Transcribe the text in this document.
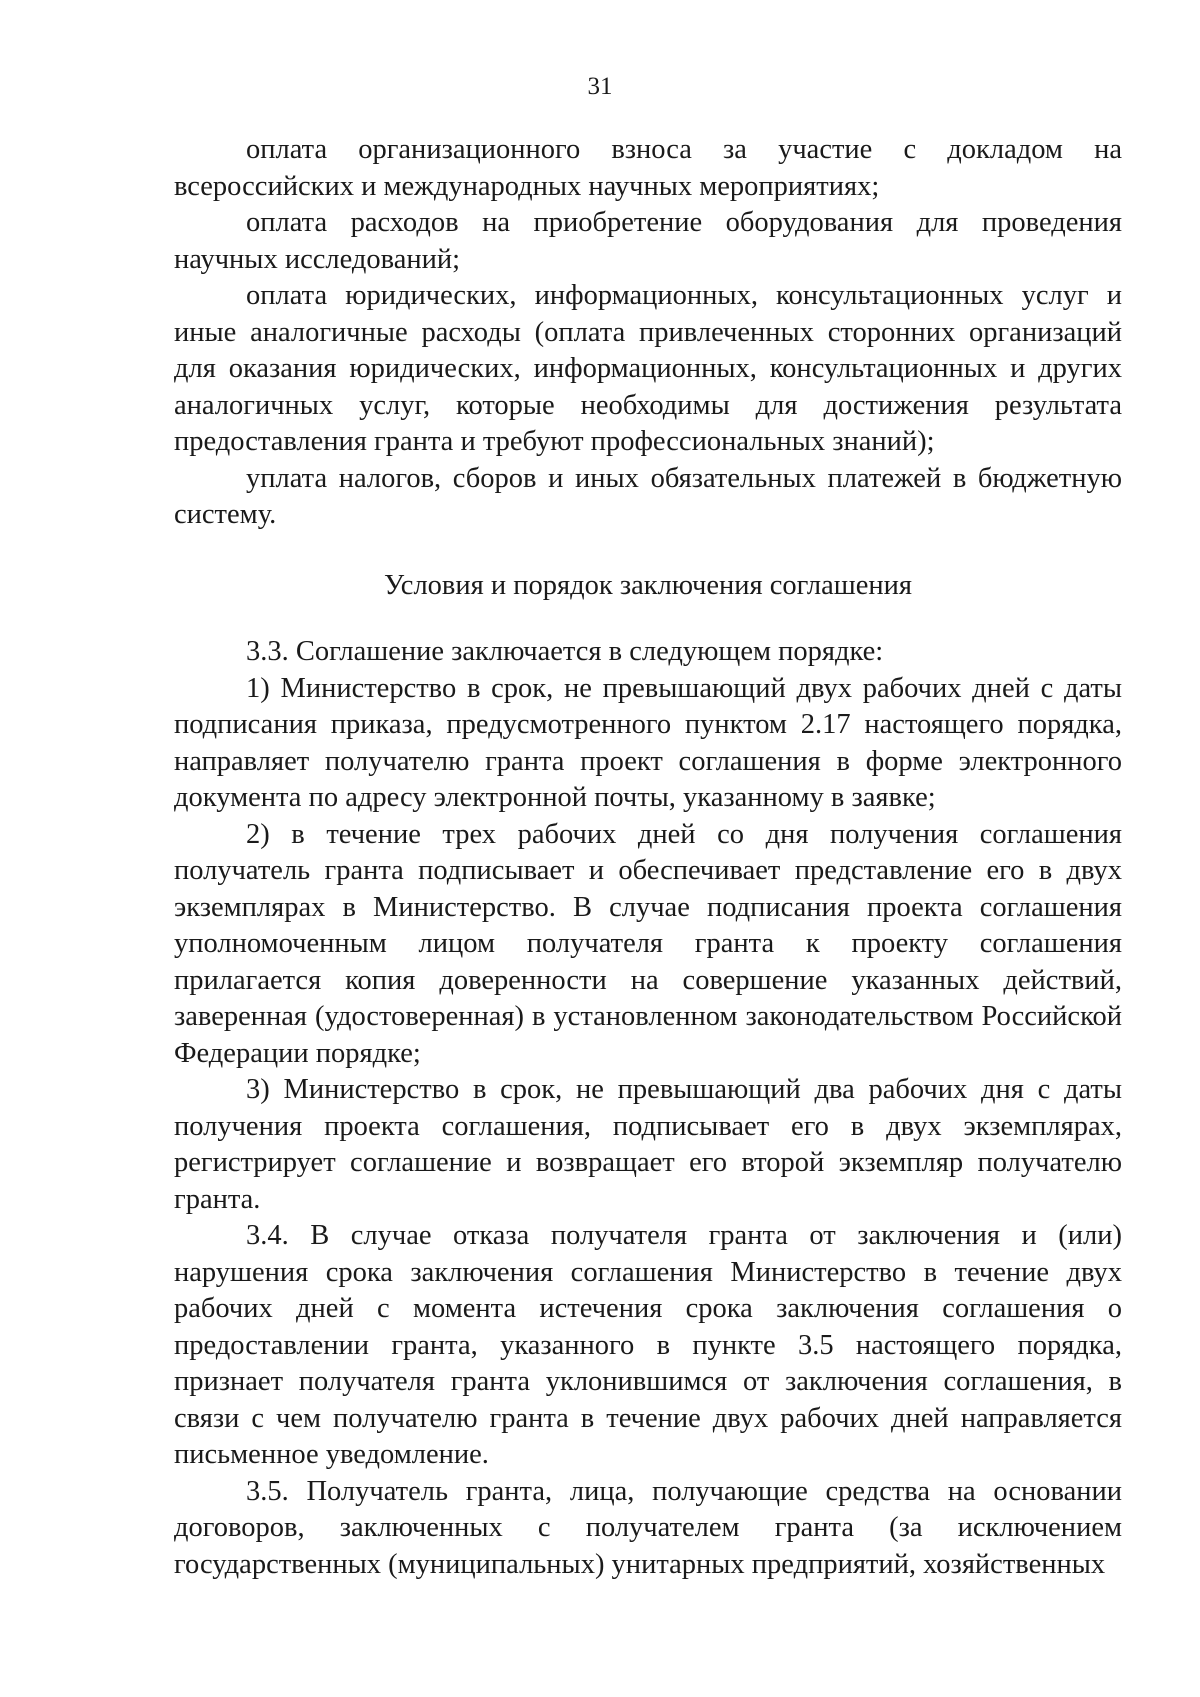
31

оплата организационного взноса за участие с докладом на всероссийских и международных научных мероприятиях;

оплата расходов на приобретение оборудования для проведения научных исследований;

оплата юридических, информационных, консультационных услуг и иные аналогичные расходы (оплата привлеченных сторонних организаций для оказания юридических, информационных, консультационных и других аналогичных услуг, которые необходимы для достижения результата предоставления гранта и требуют профессиональных знаний);

уплата налогов, сборов и иных обязательных платежей в бюджетную систему.

Условия и порядок заключения соглашения

3.3. Соглашение заключается в следующем порядке:

1) Министерство в срок, не превышающий двух рабочих дней с даты подписания приказа, предусмотренного пунктом 2.17 настоящего порядка, направляет получателю гранта проект соглашения в форме электронного документа по адресу электронной почты, указанному в заявке;

2) в течение трех рабочих дней со дня получения соглашения получатель гранта подписывает и обеспечивает представление его в двух экземплярах в Министерство. В случае подписания проекта соглашения уполномоченным лицом получателя гранта к проекту соглашения прилагается копия доверенности на совершение указанных действий, заверенная (удостоверенная) в установленном законодательством Российской Федерации порядке;

3) Министерство в срок, не превышающий два рабочих дня с даты получения проекта соглашения, подписывает его в двух экземплярах, регистрирует соглашение и возвращает его второй экземпляр получателю гранта.

3.4. В случае отказа получателя гранта от заключения и (или) нарушения срока заключения соглашения Министерство в течение двух рабочих дней с момента истечения срока заключения соглашения о предоставлении гранта, указанного в пункте 3.5 настоящего порядка, признает получателя гранта уклонившимся от заключения соглашения, в связи с чем получателю гранта в течение двух рабочих дней направляется письменное уведомление.

3.5. Получатель гранта, лица, получающие средства на основании договоров, заключенных с получателем гранта (за исключением государственных (муниципальных) унитарных предприятий, хозяйственных
